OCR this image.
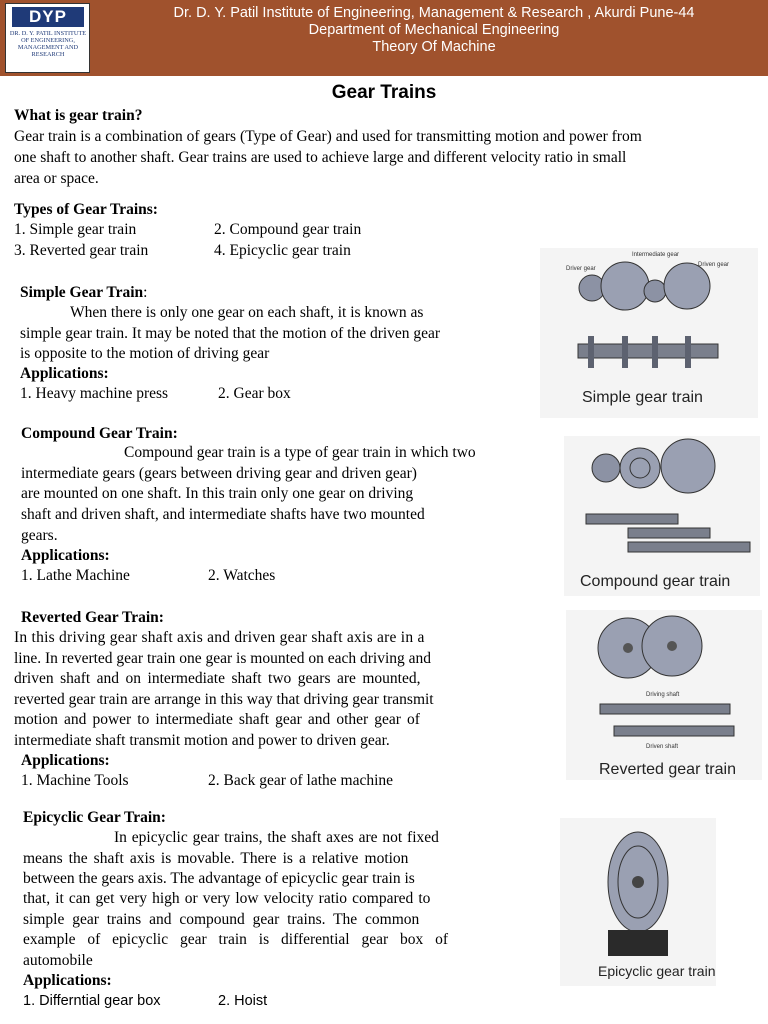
DYP
DR. D. Y. PATIL INSTITUTE OF ENGINEERING, MANAGEMENT AND RESEARCH
Dr. D. Y. Patil Institute of Engineering, Management & Research , Akurdi Pune-44
Department of Mechanical Engineering
Theory Of Machine
Gear Trains
What is gear train?
Gear train is a combination of gears (Type of Gear) and used for transmitting motion and power from
one shaft to another shaft. Gear trains are used to achieve large and different velocity ratio in small
area or space.
Types of Gear Trains:
1. Simple gear train	2. Compound gear train
3. Reverted gear train	4. Epicyclic gear train
Simple Gear Train:
When there is only one gear on each shaft, it is known as
simple gear train. It may be noted that the motion of the driven gear
is opposite to the motion of driving gear
Applications:
1. Heavy machine press	2. Gear box
Compound Gear Train:
Compound gear train is a type of gear train in which two
intermediate gears (gears between driving gear and driven gear)
are mounted on one shaft. In this train only one gear on driving
shaft and driven shaft, and intermediate shafts have two mounted
gears.
Applications:
1. Lathe Machine	2. Watches
Reverted Gear Train:
In this driving gear shaft axis and driven gear shaft axis are in a
line. In reverted gear train one gear is mounted on each driving and
driven shaft and on intermediate shaft two gears are mounted,
reverted gear train are arrange in this way that driving gear transmit
motion and power to intermediate shaft gear and other gear of
intermediate shaft transmit motion and power to driven gear.
Applications:
1. Machine Tools	2. Back gear of lathe machine
Epicyclic Gear Train:
In epicyclic gear trains, the shaft axes are not fixed
means the shaft axis is movable. There is a relative motion
between the gears axis. The advantage of epicyclic gear train is
that, it can get very high or very low velocity ratio compared to
simple gear trains and compound gear trains. The common
example of epicyclic gear train is differential gear box of
automobile
Applications:
1. Differntial gear box	2. Hoist
Driver gear
Intermediate gear
Driven gear
Simple gear train
Compound gear train
Driving shaft
Driven shaft
Reverted gear train
Epicyclic gear train
